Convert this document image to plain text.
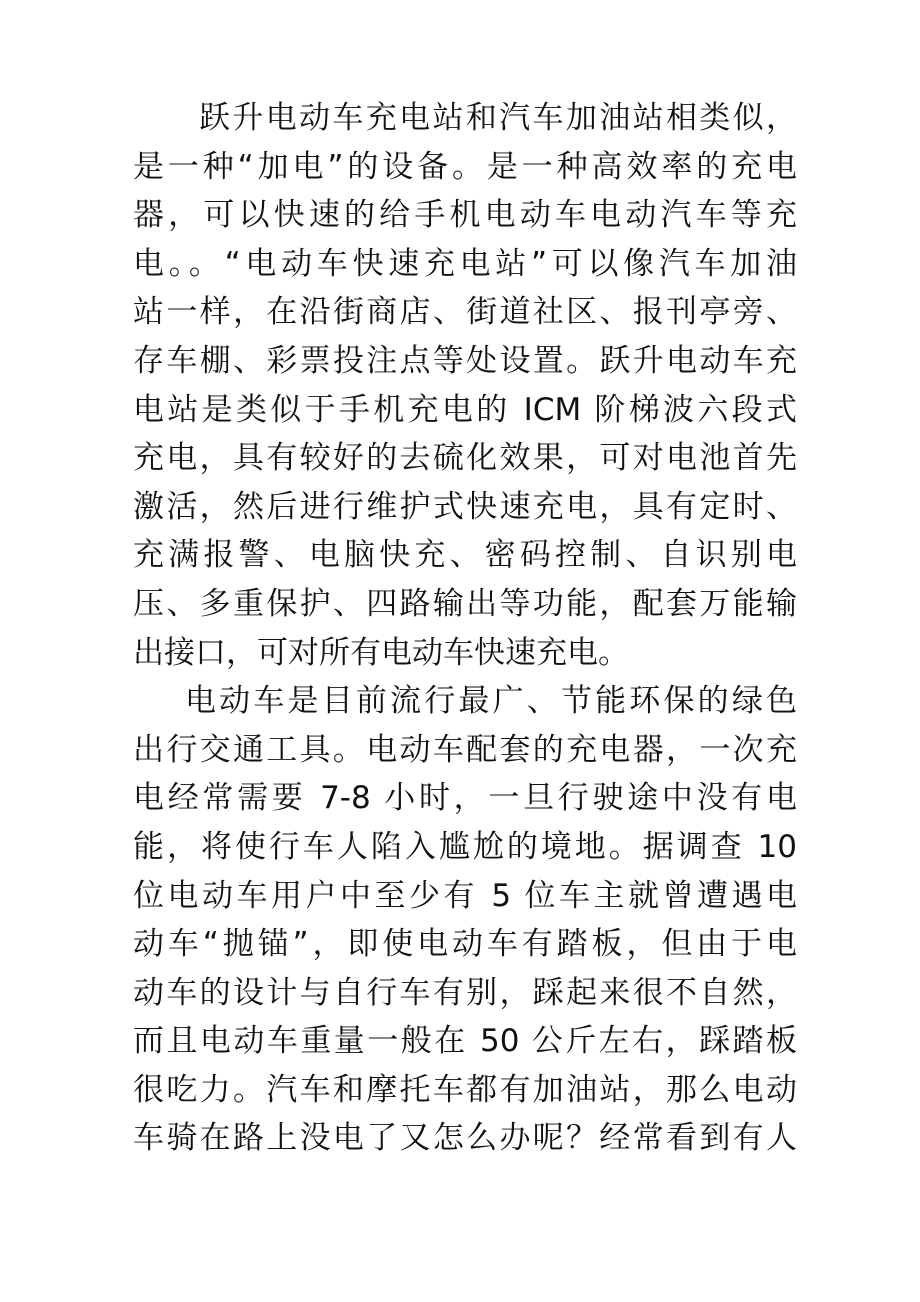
跃升电动车充电站和汽车加油站相类似，
是一种“加电”的设备。是一种高效率的充电
器，可以快速的给手机电动车电动汽车等充
电。。“电动车快速充电站”可以像汽车加油
站一样，在沿街商店、街道社区、报刊亭旁、
存车棚、彩票投注点等处设置。跃升电动车充
电站是类似于手机充电的 ICM 阶梯波六段式
充电，具有较好的去硫化效果，可对电池首先
激活，然后进行维护式快速充电，具有定时、
充满报警、电脑快充、密码控制、自识别电
压、多重保护、四路输出等功能，配套万能输
出接口，可对所有电动车快速充电。
电动车是目前流行最广、节能环保的绿色
出行交通工具。电动车配套的充电器，一次充
电经常需要 7-8 小时，一旦行驶途中没有电
能，将使行车人陷入尴尬的境地。据调查 10
位电动车用户中至少有 5 位车主就曾遭遇电
动车“抛锚”，即使电动车有踏板，但由于电
动车的设计与自行车有别，踩起来很不自然，
而且电动车重量一般在 50 公斤左右，踩踏板
很吃力。汽车和摩托车都有加油站，那么电动
车骑在路上没电了又怎么办呢？经常看到有人
